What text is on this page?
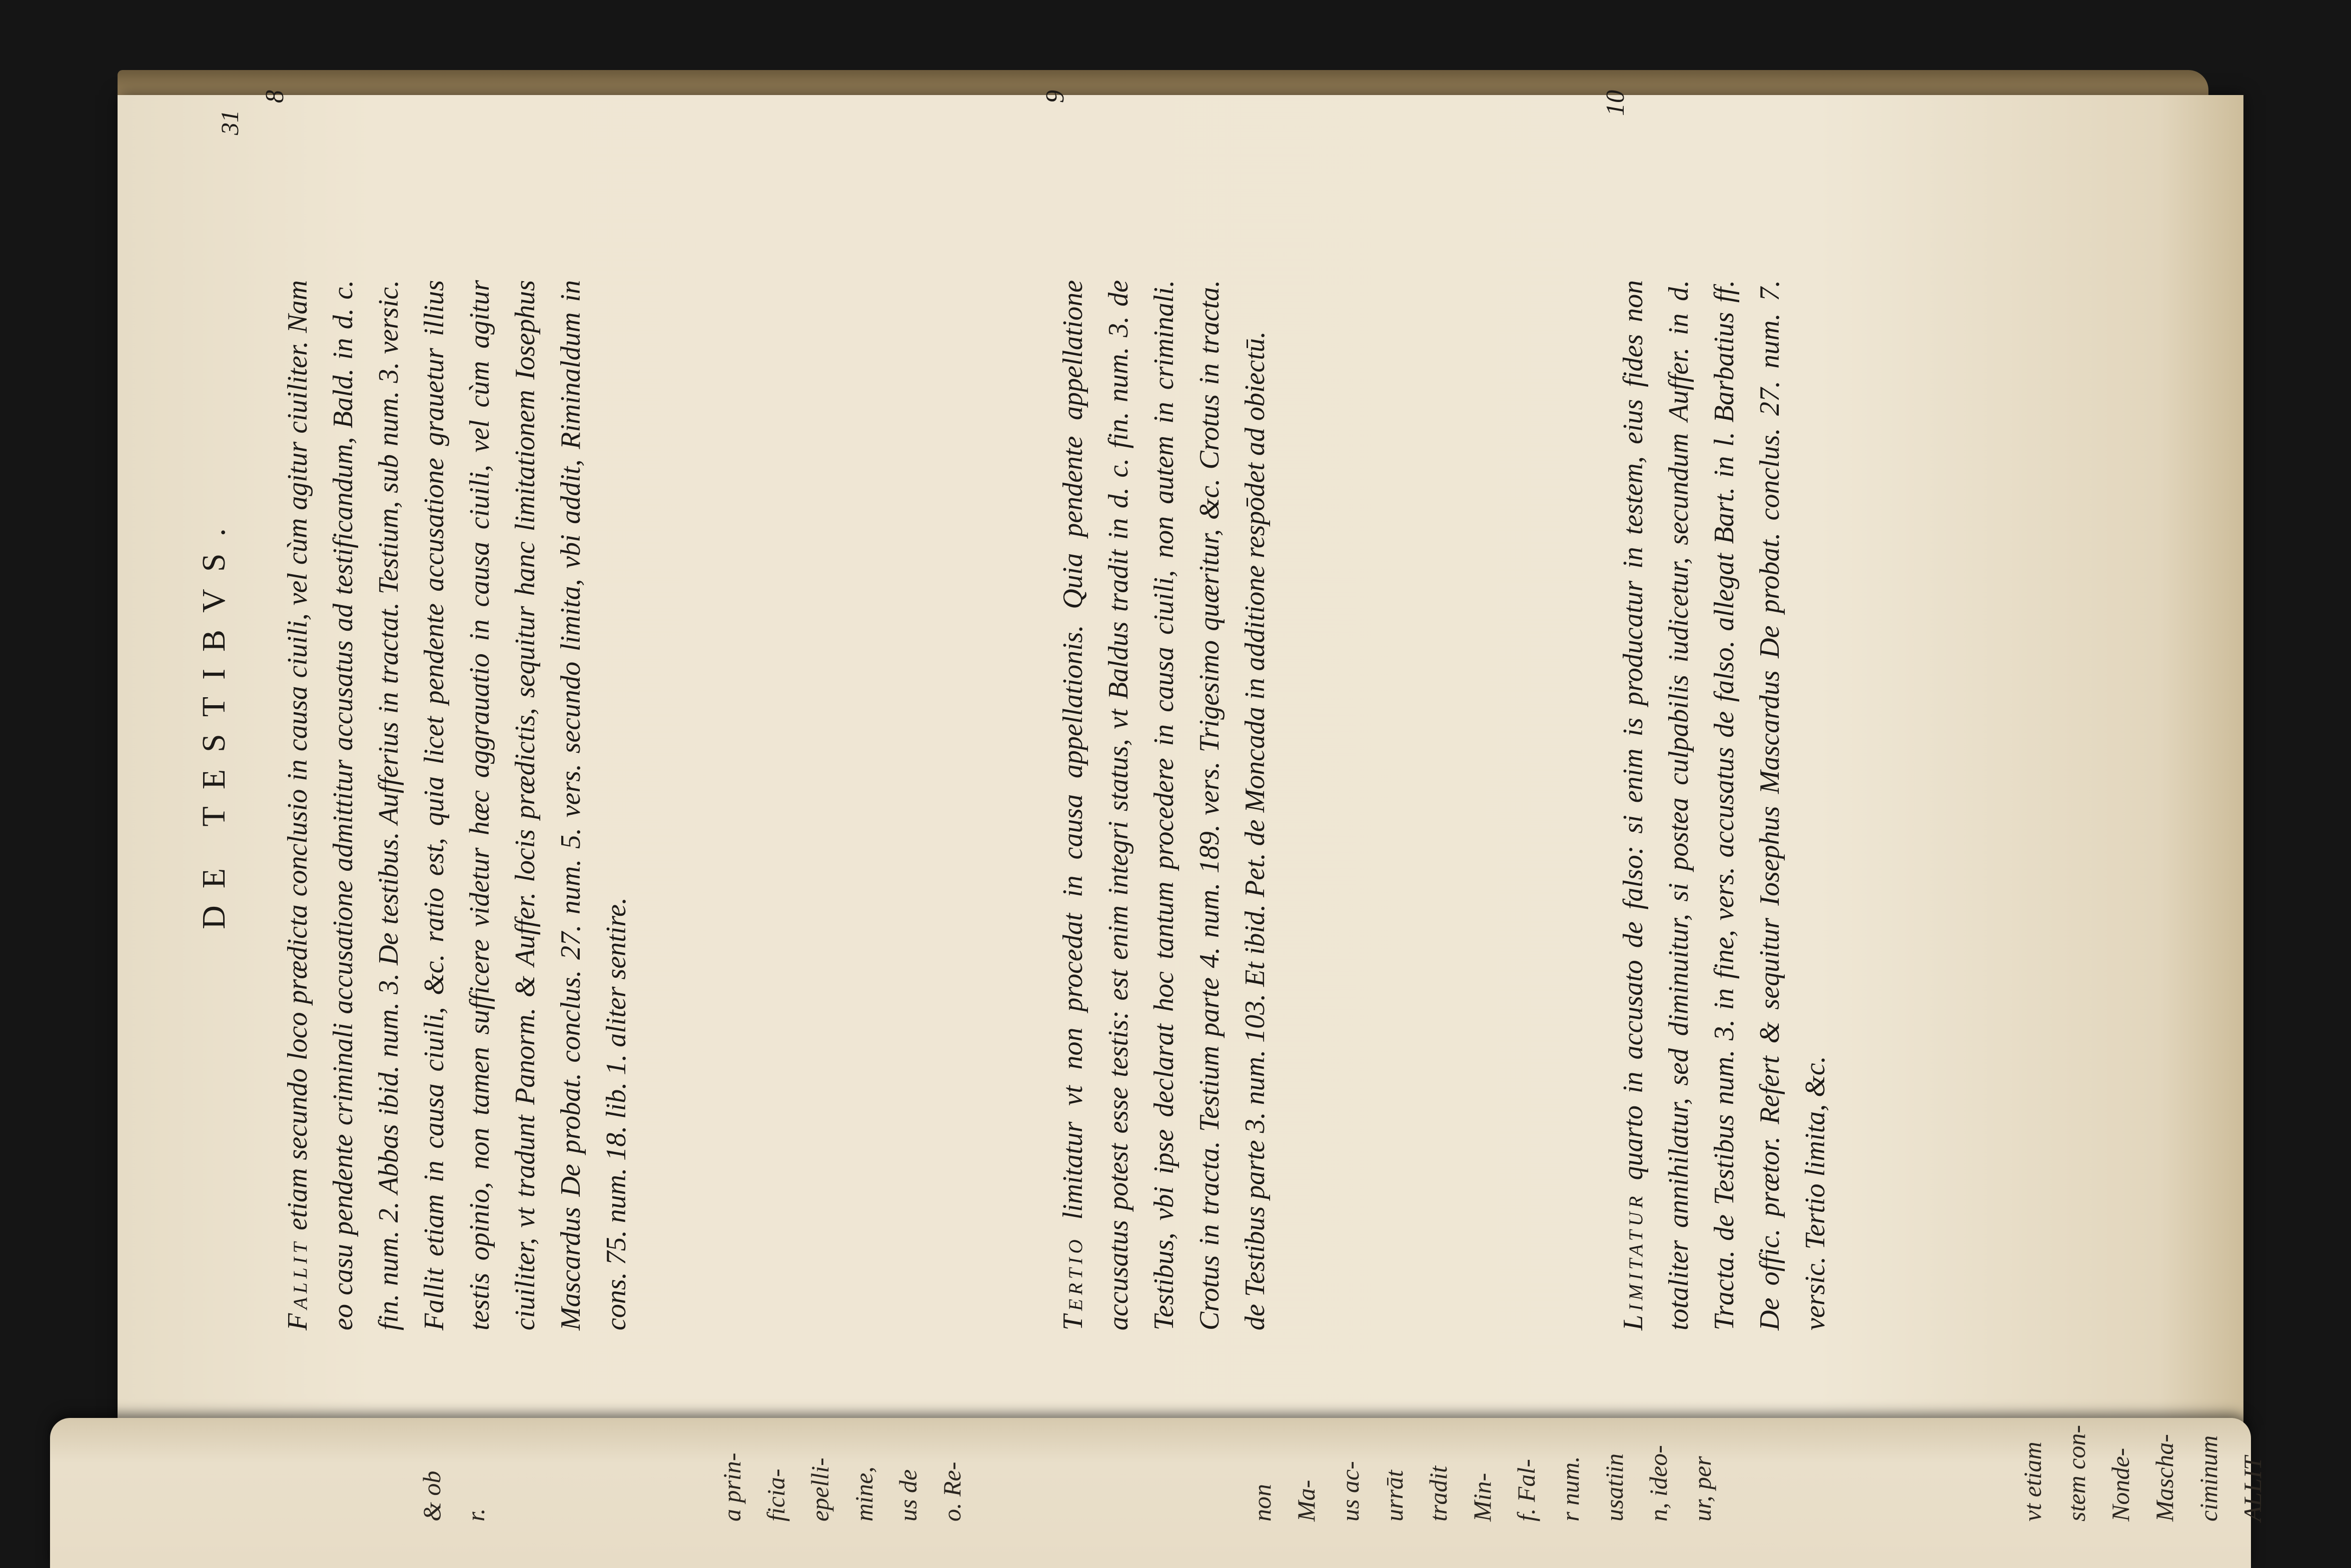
DE TESTIBVS.
31
8
Fallit etiam secundo loco prædicta conclusio in causa ciuili, vel cùm agitur ciuiliter. Nam eo casu pendente criminali accusatione admittitur accusatus ad testificandum, Bald. in d. c. fin. num. 2. Abbas ibid. num. 3. De testibus. Aufferius in tractat. Testium, sub num. 3. versic. Fallit etiam in causa ciuili, &c. ratio est, quia licet pendente accusatione grauetur illius testis opinio, non tamen sufficere videtur hæc aggrauatio in causa ciuili, vel cùm agitur ciuiliter, vt tradunt Panorm. & Auffer. locis prædictis, sequitur hanc limitationem Iosephus Mascardus De probat. conclus. 27. num. 5. vers. secundo limita, vbi addit, Riminaldum in cons. 75. num. 18. lib. 1. aliter sentire.
9
Tertio limitatur vt non procedat in causa appellationis. Quia pendente appellatione accusatus potest esse testis: est enim integri status, vt Baldus tradit in d. c. fin. num. 3. de Testibus, vbi ipse declarat hoc tantum procedere in causa ciuili, non autem in criminali. Crotus in tracta. Testium parte 4. num. 189. vers. Trigesimo quæritur, &c. Crotus in tracta. de Testibus parte 3. num. 103. Et ibid. Pet. de Moncada in additione respōdet ad obiectū.
10
Limitatur quarto in accusato de falso: si enim is producatur in testem, eius fides non totaliter annihilatur, sed diminuitur, si postea culpabilis iudicetur, secundum Auffer. in d. Tracta. de Testibus num. 3. in fine, vers. accusatus de falso. allegat Bart. in l. Barbatius ff. De offic. prætor. Refert & sequitur Iosephus Mascardus De probat. conclus. 27. num. 7. versic. Tertio limita, &c.
& ob r.	a prin- ficia- epelli- mine, us de o. Re-	non Ma- us ac- urrāt tradit Min- f. Fal- r num. usatiin n, ideo- ur, per	vt etiam stem con- Nonde- Mascha- ciminum ALLIT
